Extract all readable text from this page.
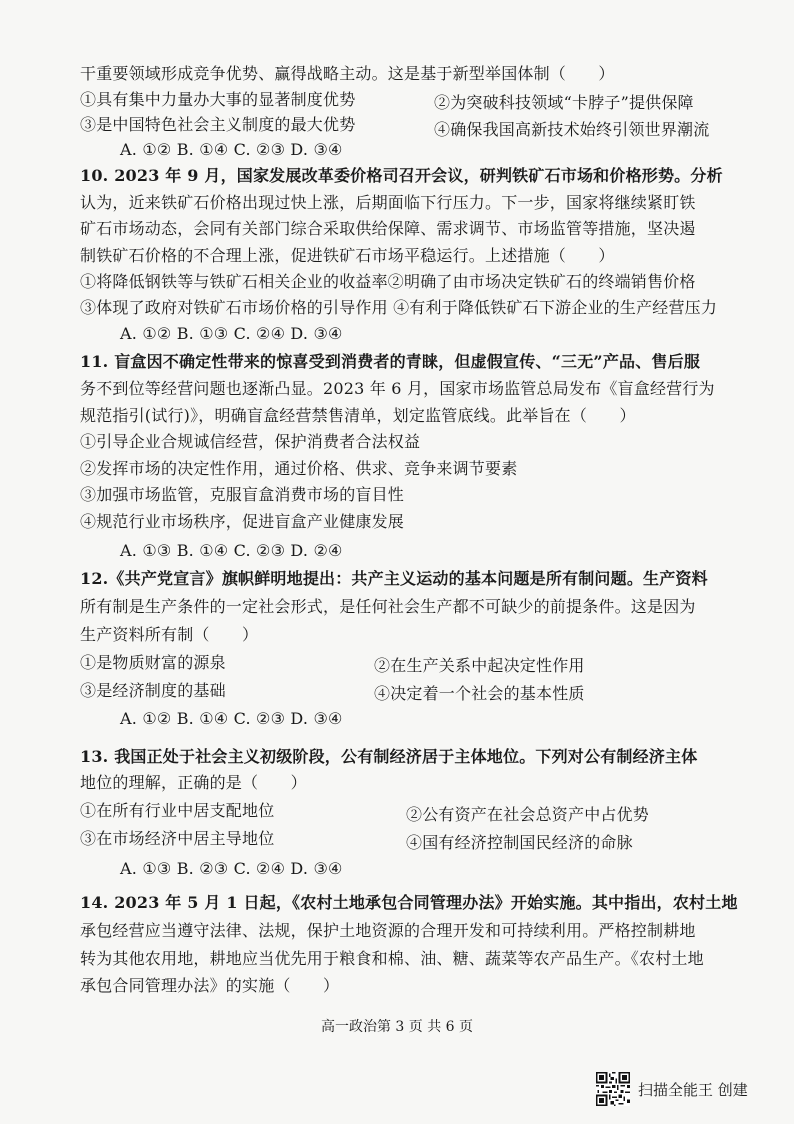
干重要领域形成竞争优势、赢得战略主动。这是基于新型举国体制（　　）
①具有集中力量办大事的显著制度优势	②为突破科技领域“卡脖子”提供保障
③是中国特色社会主义制度的最大优势	④确保我国高新技术始终引领世界潮流
A. ①② B. ①④ C. ②③ D. ③④
10. 2023 年 9 月，国家发展改革委价格司召开会议，研判铁矿石市场和价格形势。分析
认为，近来铁矿石价格出现过快上涨，后期面临下行压力。下一步，国家将继续紧盯铁
矿石市场动态，会同有关部门综合采取供给保障、需求调节、市场监管等措施，坚决遏
制铁矿石价格的不合理上涨，促进铁矿石市场平稳运行。上述措施（　　）
①将降低钢铁等与铁矿石相关企业的收益率②明确了由市场决定铁矿石的终端销售价格
③体现了政府对铁矿石市场价格的引导作用 ④有利于降低铁矿石下游企业的生产经营压力
A. ①② B. ①③ C. ②④ D. ③④
11. 盲盒因不确定性带来的惊喜受到消费者的青睐，但虚假宣传、“三无”产品、售后服
务不到位等经营问题也逐渐凸显。2023 年 6 月，国家市场监管总局发布《盲盒经营行为
规范指引(试行)》，明确盲盒经营禁售清单，划定监管底线。此举旨在（　　）
①引导企业合规诚信经营，保护消费者合法权益
②发挥市场的决定性作用，通过价格、供求、竞争来调节要素
③加强市场监管，克服盲盒消费市场的盲目性
④规范行业市场秩序，促进盲盒产业健康发展
A. ①③ B. ①④ C. ②③ D. ②④
12.《共产党宣言》旗帜鲜明地提出：共产主义运动的基本问题是所有制问题。生产资料
所有制是生产条件的一定社会形式，是任何社会生产都不可缺少的前提条件。这是因为
生产资料所有制（　　）
①是物质财富的源泉	②在生产关系中起决定性作用
③是经济制度的基础	④决定着一个社会的基本性质
A. ①② B. ①④ C. ②③ D. ③④
13. 我国正处于社会主义初级阶段，公有制经济居于主体地位。下列对公有制经济主体
地位的理解，正确的是（　　）
①在所有行业中居支配地位	②公有资产在社会总资产中占优势
③在市场经济中居主导地位	④国有经济控制国民经济的命脉
A. ①③ B. ②③ C. ②④ D. ③④
14. 2023 年 5 月 1 日起，《农村土地承包合同管理办法》开始实施。其中指出，农村土地
承包经营应当遵守法律、法规，保护土地资源的合理开发和可持续利用。严格控制耕地
转为其他农用地，耕地应当优先用于粮食和棉、油、糖、蔬菜等农产品生产。《农村土地
承包合同管理办法》的实施（　　）
高一政治第 3 页 共 6 页
扫描全能王 创建
